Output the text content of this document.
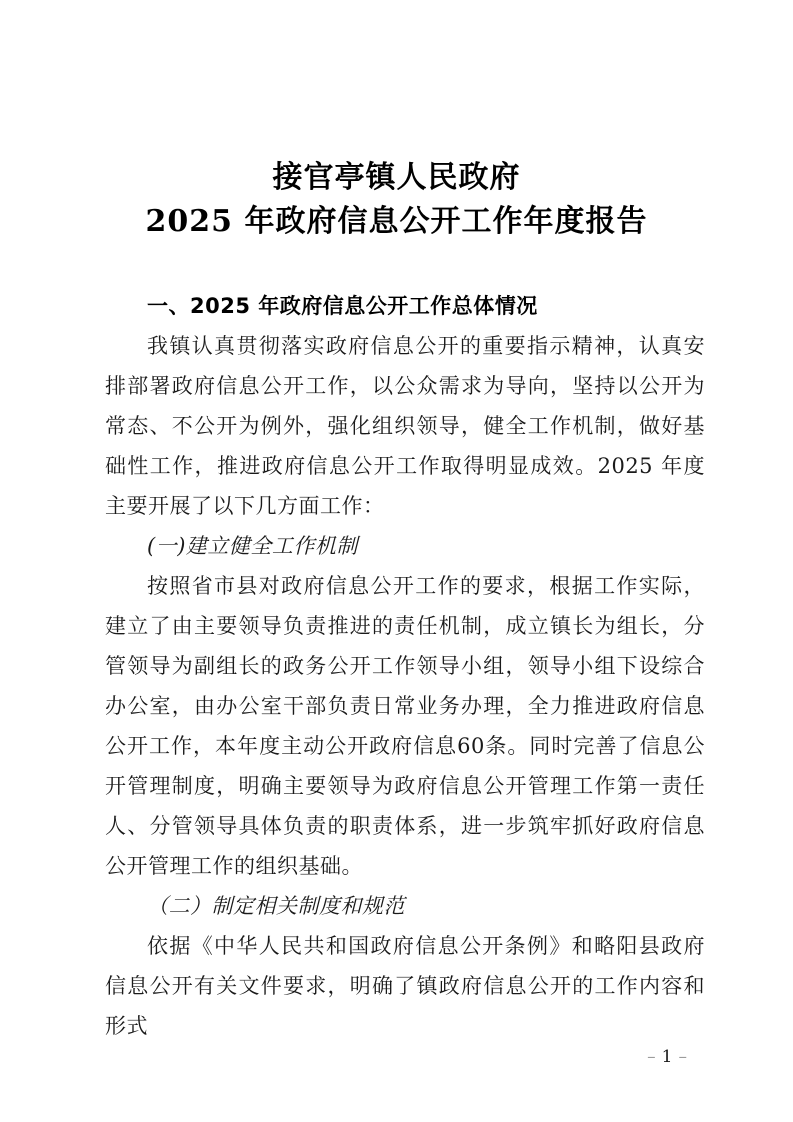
接官亭镇人民政府
2025 年政府信息公开工作年度报告
一、2025 年政府信息公开工作总体情况
我镇认真贯彻落实政府信息公开的重要指示精神，认真安排部署政府信息公开工作，以公众需求为导向，坚持以公开为常态、不公开为例外，强化组织领导，健全工作机制，做好基础性工作，推进政府信息公开工作取得明显成效。2025 年度主要开展了以下几方面工作：
(一)建立健全工作机制
按照省市县对政府信息公开工作的要求，根据工作实际，建立了由主要领导负责推进的责任机制，成立镇长为组长，分管领导为副组长的政务公开工作领导小组，领导小组下设综合办公室，由办公室干部负责日常业务办理，全力推进政府信息公开工作，本年度主动公开政府信息60条。同时完善了信息公开管理制度，明确主要领导为政府信息公开管理工作第一责任人、分管领导具体负责的职责体系，进一步筑牢抓好政府信息公开管理工作的组织基础。
（二）制定相关制度和规范
依据《中华人民共和国政府信息公开条例》和略阳县政府信息公开有关文件要求，明确了镇政府信息公开的工作内容和形式
– 1 –
